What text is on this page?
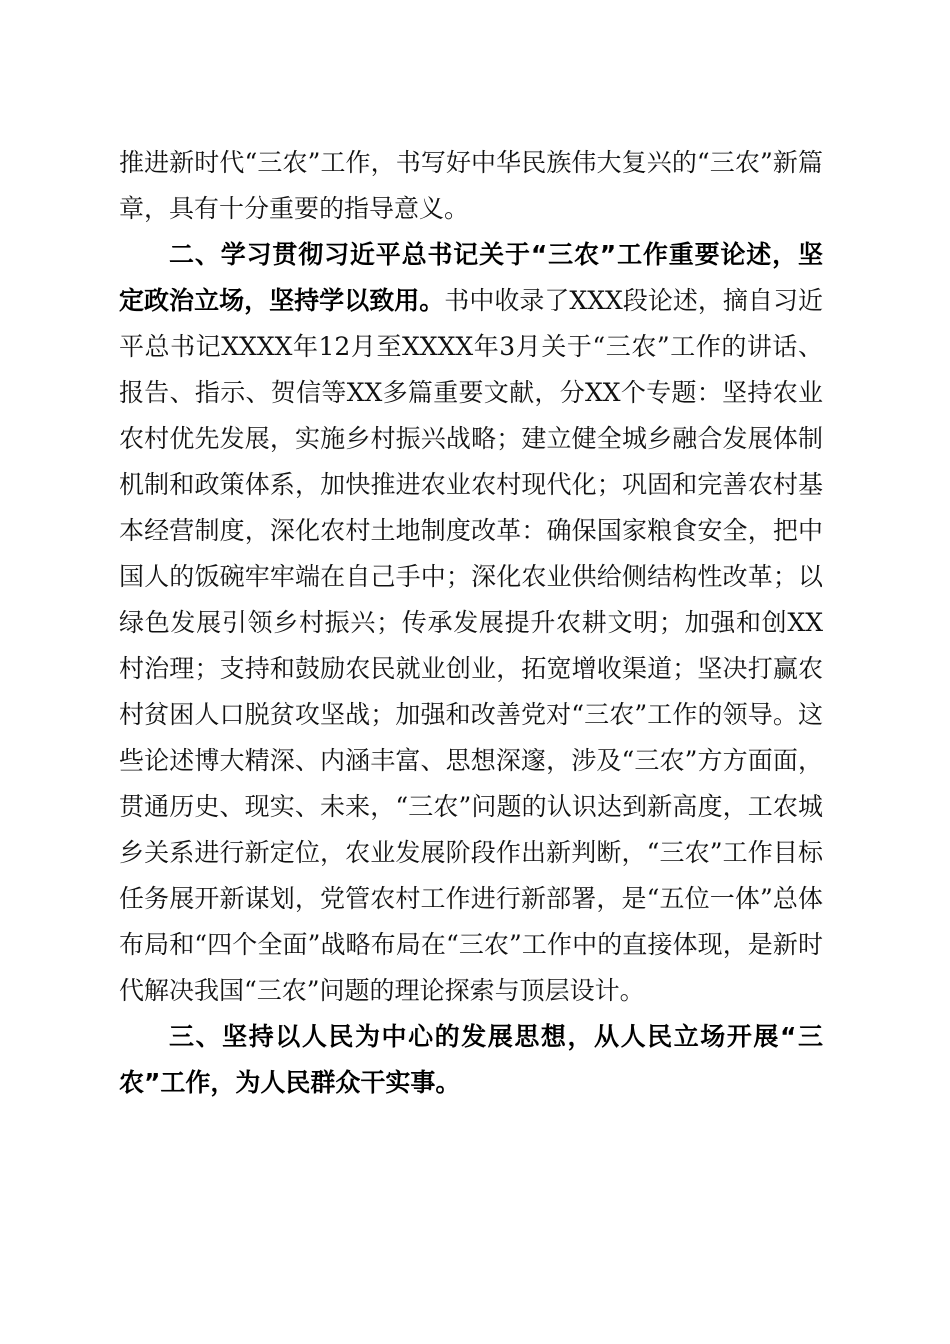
推进新时代“三农”工作，书写好中华民族伟大复兴的“三农”新篇章，具有十分重要的指导意义。

二、学习贯彻习近平总书记关于“三农”工作重要论述，坚定政治立场，坚持学以致用。书中收录了XXX段论述，摘自习近平总书记XXXX年12月至XXXX年3月关于“三农”工作的讲话、报告、指示、贺信等XX多篇重要文献，分XX个专题：坚持农业农村优先发展，实施乡村振兴战略；建立健全城乡融合发展体制机制和政策体系，加快推进农业农村现代化；巩固和完善农村基本经营制度，深化农村土地制度改革：确保国家粮食安全，把中国人的饭碗牢牢端在自己手中；深化农业供给侧结构性改革；以绿色发展引领乡村振兴；传承发展提升农耕文明；加强和创XX村治理；支持和鼓励农民就业创业，拓宽增收渠道；坚决打赢农村贫困人口脱贫攻坚战；加强和改善党对“三农”工作的领导。这些论述博大精深、内涵丰富、思想深邃，涉及“三农”方方面面，贯通历史、现实、未来，“三农”问题的认识达到新高度，工农城乡关系进行新定位，农业发展阶段作出新判断，“三农”工作目标任务展开新谋划，党管农村工作进行新部署，是“五位一体”总体布局和“四个全面”战略布局在“三农”工作中的直接体现，是新时代解决我国“三农”问题的理论探索与顶层设计。

三、坚持以人民为中心的发展思想，从人民立场开展“三农”工作，为人民群众干实事。
